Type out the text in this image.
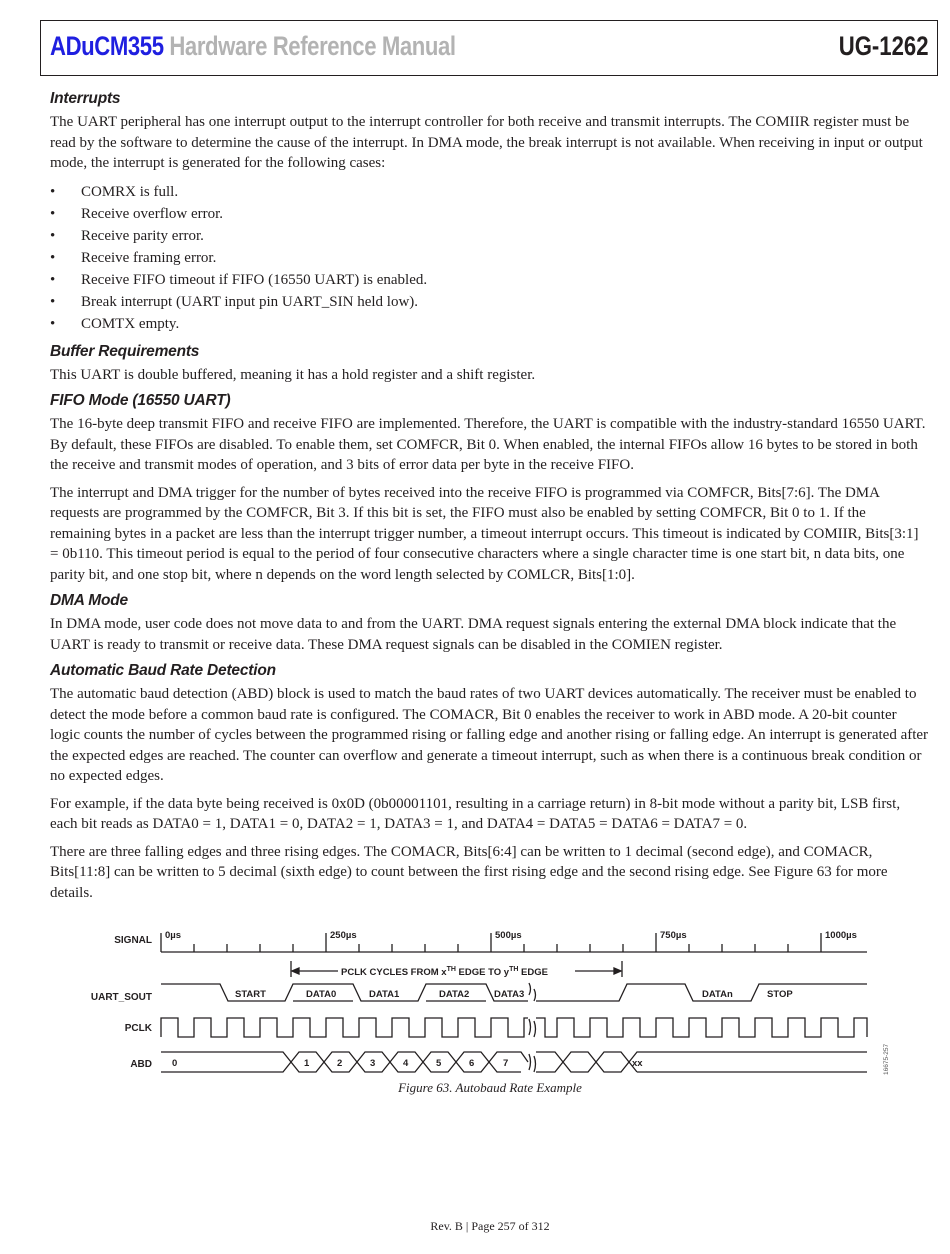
ADuCM355 Hardware Reference Manual	UG-1262
Interrupts

The UART peripheral has one interrupt output to the interrupt controller for both receive and transmit interrupts. The COMIIR register must be read by the software to determine the cause of the interrupt. In DMA mode, the break interrupt is not available. When receiving in input or output mode, the interrupt is generated for the following cases:

• COMRX is full.
• Receive overflow error.
• Receive parity error.
• Receive framing error.
• Receive FIFO timeout if FIFO (16550 UART) is enabled.
• Break interrupt (UART input pin UART_SIN held low).
• COMTX empty.
Buffer Requirements

This UART is double buffered, meaning it has a hold register and a shift register.

FIFO Mode (16550 UART)

The 16-byte deep transmit FIFO and receive FIFO are implemented. Therefore, the UART is compatible with the industry-standard 16550 UART. By default, these FIFOs are disabled. To enable them, set COMFCR, Bit 0. When enabled, the internal FIFOs allow 16 bytes to be stored in both the receive and transmit modes of operation, and 3 bits of error data per byte in the receive FIFO.

The interrupt and DMA trigger for the number of bytes received into the receive FIFO is programmed via COMFCR, Bits[7:6]. The DMA requests are programmed by the COMFCR, Bit 3. If this bit is set, the FIFO must also be enabled by setting COMFCR, Bit 0 to 1. If the remaining bytes in a packet are less than the interrupt trigger number, a timeout interrupt occurs. This timeout is indicated by COMIIR, Bits[3:1] = 0b110. This timeout period is equal to the period of four consecutive characters where a single character time is one start bit, n data bits, one parity bit, and one stop bit, where n depends on the word length selected by COMLCR, Bits[1:0].

DMA Mode

In DMA mode, user code does not move data to and from the UART. DMA request signals entering the external DMA block indicate that the UART is ready to transmit or receive data. These DMA request signals can be disabled in the COMIEN register.

Automatic Baud Rate Detection

The automatic baud detection (ABD) block is used to match the baud rates of two UART devices automatically. The receiver must be enabled to detect the mode before a common baud rate is configured. The COMACR, Bit 0 enables the receiver to work in ABD mode. A 20-bit counter logic counts the number of cycles between the programmed rising or falling edge and another rising or falling edge. An interrupt is generated after the expected edges are reached. The counter can overflow and generate a timeout interrupt, such as when there is a continuous break condition or no expected edges.

For example, if the data byte being received is 0x0D (0b00001101, resulting in a carriage return) in 8-bit mode without a parity bit, LSB first, each bit reads as DATA0 = 1, DATA1 = 0, DATA2 = 1, DATA3 = 1, and DATA4 = DATA5 = DATA6 = DATA7 = 0.

There are three falling edges and three rising edges. The COMACR, Bits[6:4] can be written to 1 decimal (second edge), and COMACR, Bits[11:8] can be written to 5 decimal (sixth edge) to count between the first rising edge and the second rising edge. See Figure 63 for more details.

SIGNAL
UART_SOUT
PCLK
ABD
0µs	250µs	500µs	750µs	1000µs
PCLK CYCLES FROM $x^{TH}$ EDGE TO $y^{TH}$ EDGE
START	DATA0	DATA1	DATA2	DATA3	DATAn	STOP
0	1	2	3	4	5	6	7	xx	16675-257
Figure 63. Autobaud Rate Example
Rev. B | Page 257 of 312
